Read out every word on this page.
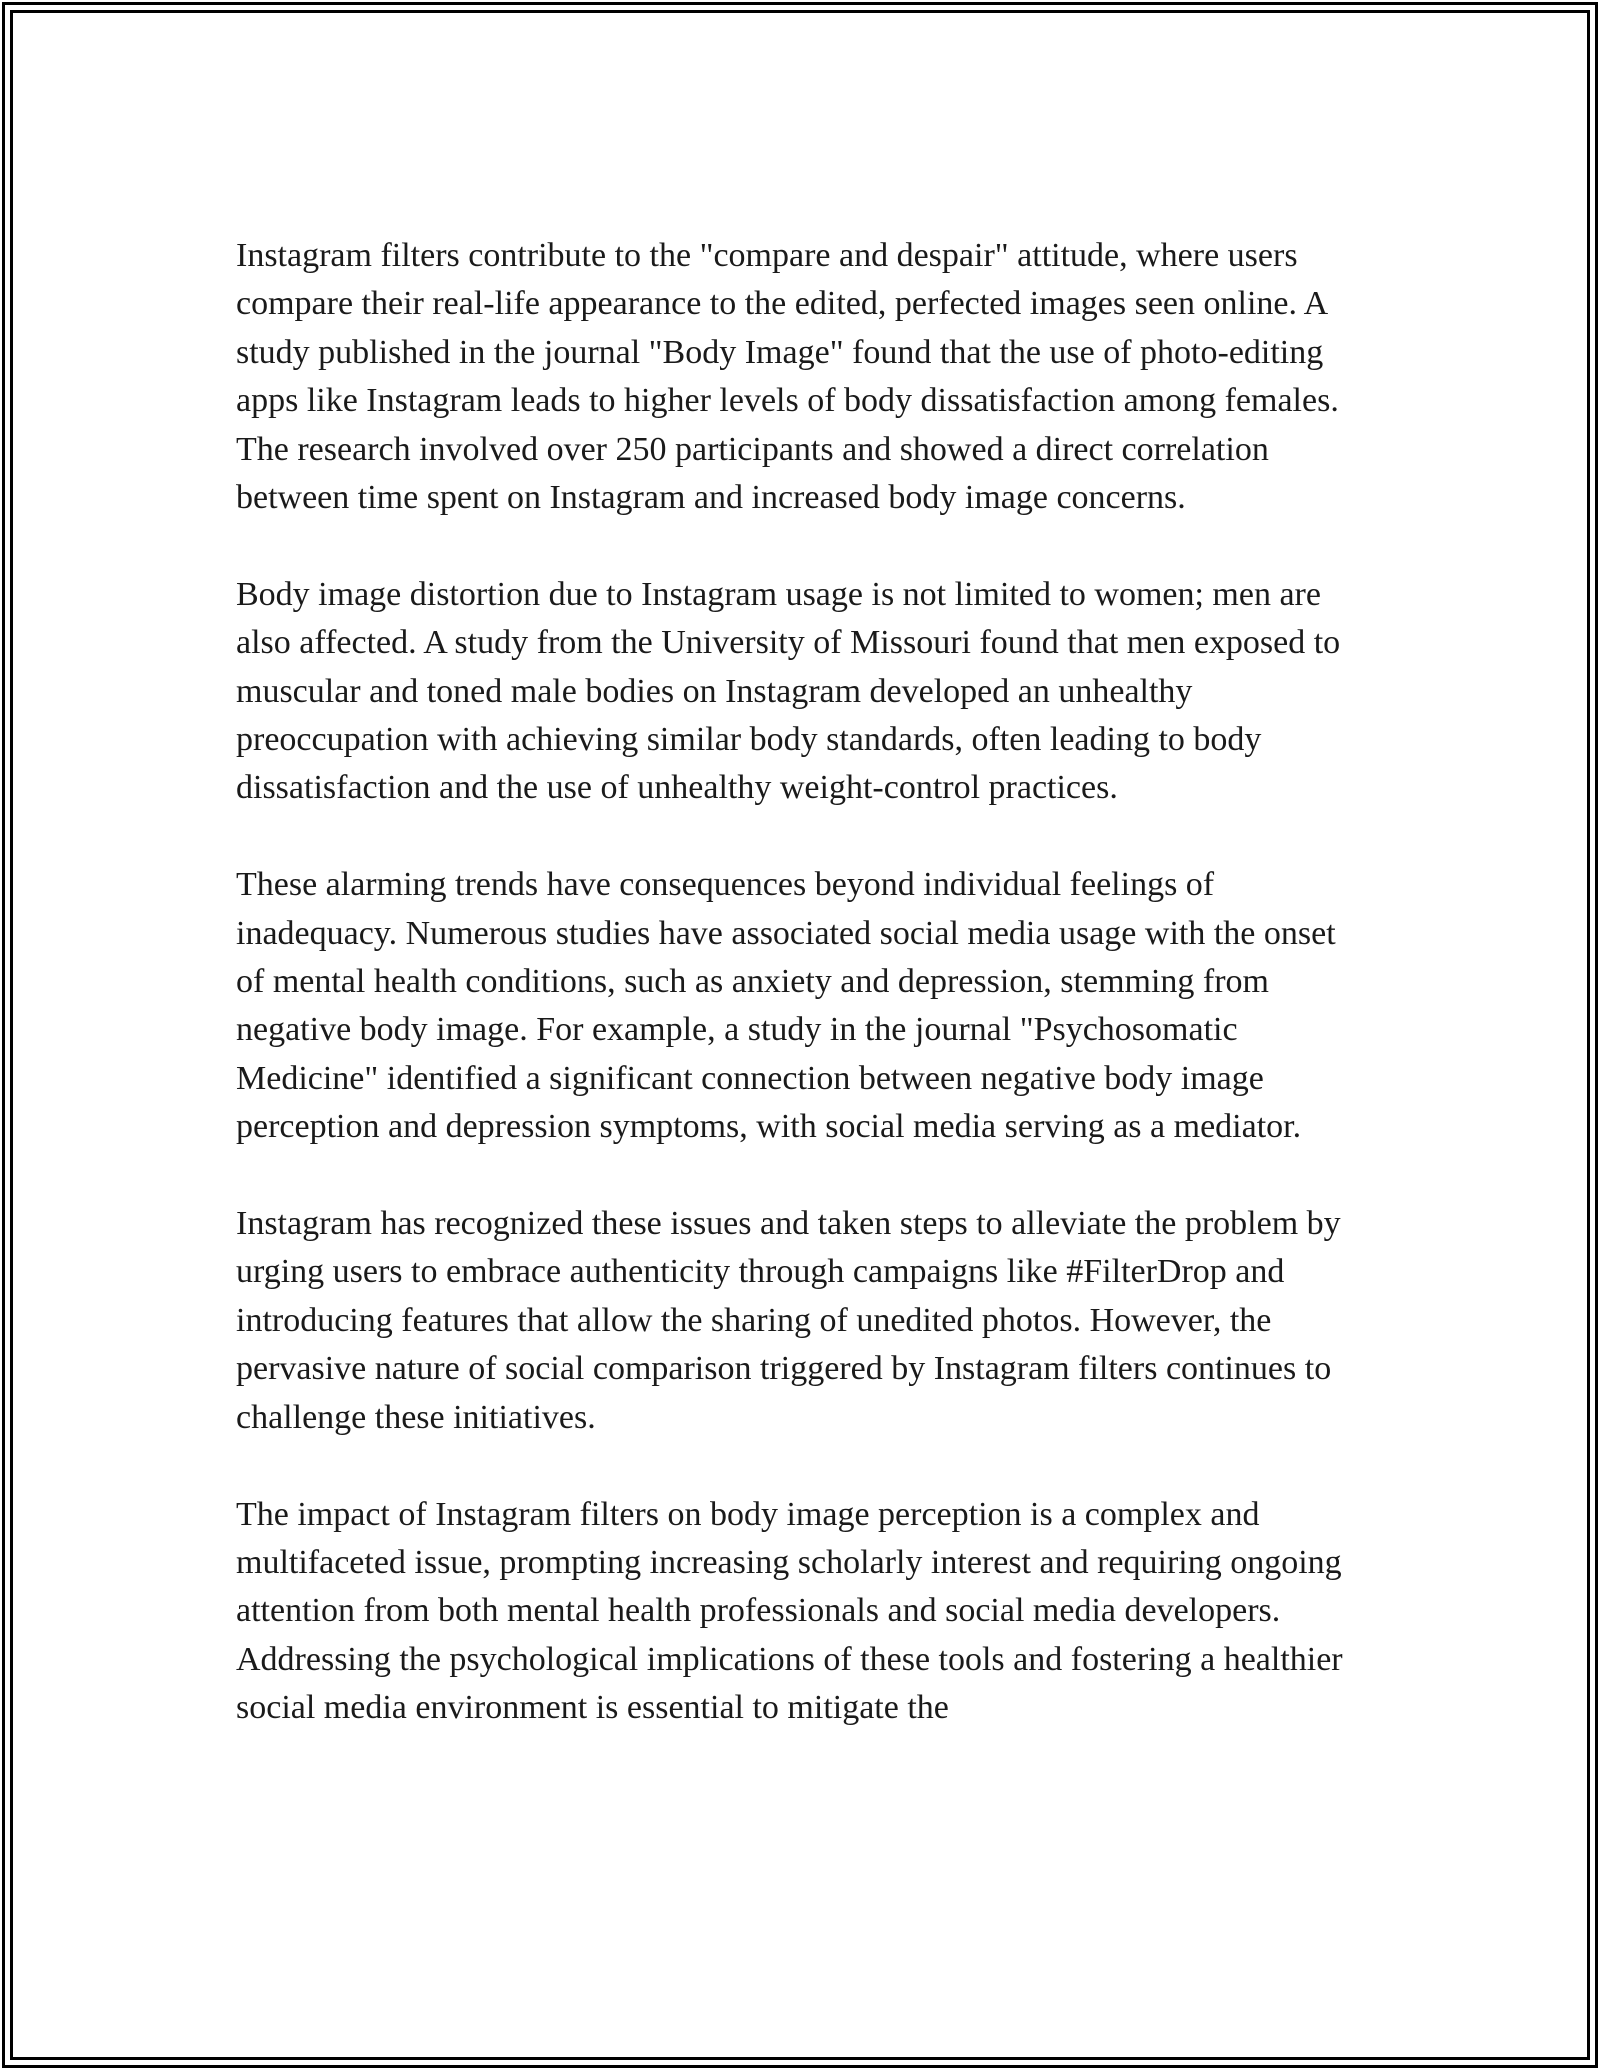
Instagram filters contribute to the "compare and despair" attitude, where users compare their real-life appearance to the edited, perfected images seen online. A study published in the journal "Body Image" found that the use of photo-editing apps like Instagram leads to higher levels of body dissatisfaction among females. The research involved over 250 participants and showed a direct correlation between time spent on Instagram and increased body image concerns.

Body image distortion due to Instagram usage is not limited to women; men are also affected. A study from the University of Missouri found that men exposed to muscular and toned male bodies on Instagram developed an unhealthy preoccupation with achieving similar body standards, often leading to body dissatisfaction and the use of unhealthy weight-control practices.

These alarming trends have consequences beyond individual feelings of inadequacy. Numerous studies have associated social media usage with the onset of mental health conditions, such as anxiety and depression, stemming from negative body image. For example, a study in the journal "Psychosomatic Medicine" identified a significant connection between negative body image perception and depression symptoms, with social media serving as a mediator.

Instagram has recognized these issues and taken steps to alleviate the problem by urging users to embrace authenticity through campaigns like #FilterDrop and introducing features that allow the sharing of unedited photos. However, the pervasive nature of social comparison triggered by Instagram filters continues to challenge these initiatives.

The impact of Instagram filters on body image perception is a complex and multifaceted issue, prompting increasing scholarly interest and requiring ongoing attention from both mental health professionals and social media developers. Addressing the psychological implications of these tools and fostering a healthier social media environment is essential to mitigate the
